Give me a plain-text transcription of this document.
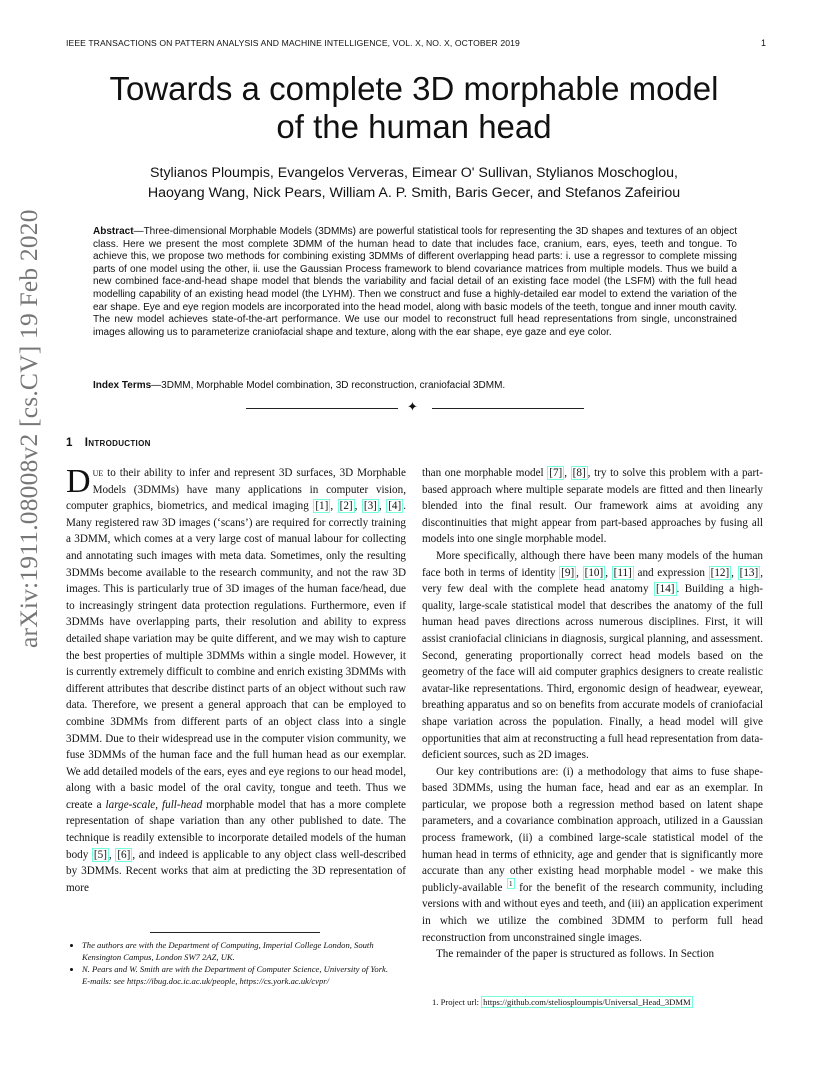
IEEE TRANSACTIONS ON PATTERN ANALYSIS AND MACHINE INTELLIGENCE, VOL. X, NO. X, OCTOBER 2019	1
arXiv:1911.08008v2 [cs.CV] 19 Feb 2020
Towards a complete 3D morphable model
of the human head
Stylianos Ploumpis, Evangelos Ververas, Eimear O' Sullivan, Stylianos Moschoglou,
Haoyang Wang, Nick Pears, William A. P. Smith, Baris Gecer, and Stefanos Zafeiriou
Abstract—Three-dimensional Morphable Models (3DMMs) are powerful statistical tools for representing the 3D shapes and textures of an object class. Here we present the most complete 3DMM of the human head to date that includes face, cranium, ears, eyes, teeth and tongue. To achieve this, we propose two methods for combining existing 3DMMs of different overlapping head parts: i. use a regressor to complete missing parts of one model using the other, ii. use the Gaussian Process framework to blend covariance matrices from multiple models. Thus we build a new combined face-and-head shape model that blends the variability and facial detail of an existing face model (the LSFM) with the full head modelling capability of an existing head model (the LYHM). Then we construct and fuse a highly-detailed ear model to extend the variation of the ear shape. Eye and eye region models are incorporated into the head model, along with basic models of the teeth, tongue and inner mouth cavity. The new model achieves state-of-the-art performance. We use our model to reconstruct full head representations from single, unconstrained images allowing us to parameterize craniofacial shape and texture, along with the ear shape, eye gaze and eye color.
Index Terms—3DMM, Morphable Model combination, 3D reconstruction, craniofacial 3DMM.
✦
1 Introduction

Due to their ability to infer and represent 3D surfaces, 3D Morphable Models (3DMMs) have many applications in computer vision, computer graphics, biometrics, and medical imaging [1] , [2] , [3] , [4] . Many registered raw 3D images (‘scans’) are required for correctly training a 3DMM, which comes at a very large cost of manual labour for collecting and annotating such images with meta data. Sometimes, only the resulting 3DMMs become available to the research community, and not the raw 3D images. This is particularly true of 3D images of the human face/head, due to increasingly stringent data protection regulations. Furthermore, even if 3DMMs have overlapping parts, their resolution and ability to express detailed shape variation may be quite different, and we may wish to capture the best properties of multiple 3DMMs within a single model. However, it is currently extremely difficult to combine and enrich existing 3DMMs with different attributes that describe distinct parts of an object without such raw data. Therefore, we present a general approach that can be employed to combine 3DMMs from different parts of an object class into a single 3DMM. Due to their widespread use in the computer vision community, we fuse 3DMMs of the human face and the full human head as our exemplar. We add detailed models of the ears, eyes and eye regions to our head model, along with a basic model of the oral cavity, tongue and teeth. Thus we create a large-scale, full-head morphable model that has a more complete representation of shape variation than any other published to date. The technique is readily extensible to incorporate detailed models of the human body [5] , [6] , and indeed is applicable to any object class well-described by 3DMMs. Recent works that aim at predicting the 3D representation of more

than one morphable model [7] , [8] , try to solve this problem with a part-based approach where multiple separate models are fitted and then linearly blended into the final result. Our framework aims at avoiding any discontinuities that might appear from part-based approaches by fusing all models into one single morphable model.

More specifically, although there have been many models of the human face both in terms of identity [9] , [10] , [11] and expression [12] , [13] , very few deal with the complete head anatomy [14] . Building a high-quality, large-scale statistical model that describes the anatomy of the full human head paves directions across numerous disciplines. First, it will assist craniofacial clinicians in diagnosis, surgical planning, and assessment. Second, generating proportionally correct head models based on the geometry of the face will aid computer graphics designers to create realistic avatar-like representations. Third, ergonomic design of headwear, eyewear, breathing apparatus and so on benefits from accurate models of craniofacial shape variation across the population. Finally, a head model will give opportunities that aim at reconstructing a full head representation from data-deficient sources, such as 2D images.

Our key contributions are: (i) a methodology that aims to fuse shape-based 3DMMs, using the human face, head and ear as an exemplar. In particular, we propose both a regression method based on latent shape parameters, and a covariance combination approach, utilized in a Gaussian process framework, (ii) a combined large-scale statistical model of the human head in terms of ethnicity, age and gender that is significantly more accurate than any other existing head morphable model - we make this publicly-available $^1$ for the benefit of the research community, including versions with and without eyes and teeth, and (iii) an application experiment in which we utilize the combined 3DMM to perform full head reconstruction from unconstrained single images.

The remainder of the paper is structured as follows. In Section

• The authors are with the Department of Computing, Imperial College London, South Kensington Campus, London SW7 2AZ, UK.
• N. Pears and W. Smith are with the Department of Computer Science, University of York.
E-mails: see https://ibug.doc.ic.ac.uk/people, https://cs.york.ac.uk/cvpr/
1. Project url: https://github.com/steliosploumpis/Universal_Head_3DMM
